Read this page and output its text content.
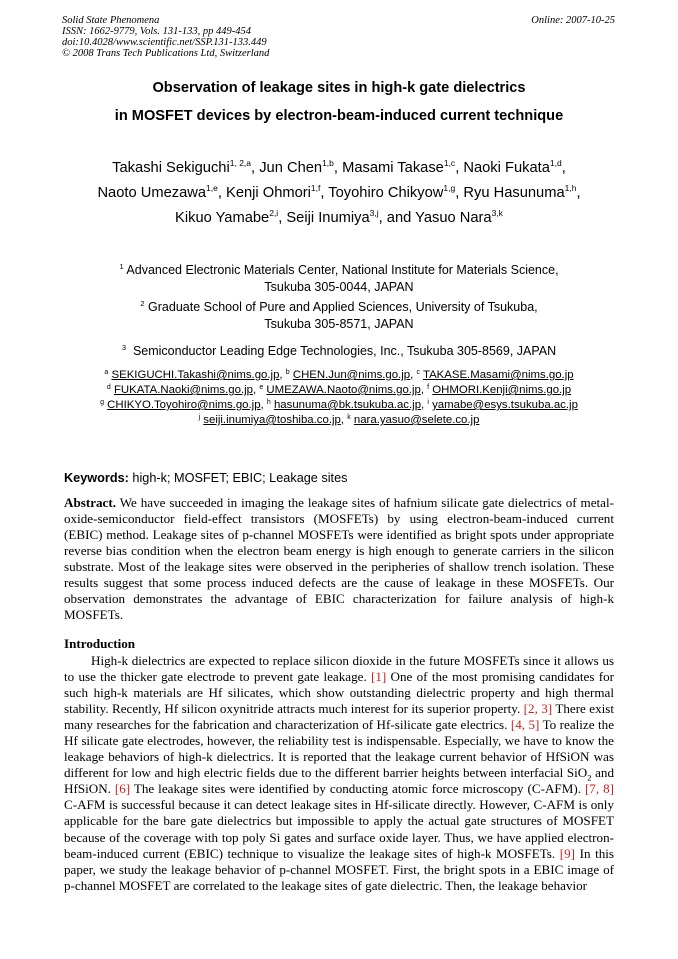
Solid State Phenomena
ISSN: 1662-9779, Vols. 131-133, pp 449-454
doi:10.4028/www.scientific.net/SSP.131-133.449
© 2008 Trans Tech Publications Ltd, Switzerland
Online: 2007-10-25
Observation of leakage sites in high-k gate dielectrics
in MOSFET devices by electron-beam-induced current technique
Takashi Sekiguchi$^{1, 2,a}$, Jun Chen$^{1,b}$, Masami Takase$^{1,c}$, Naoki Fukata$^{1,d}$,
Naoto Umezawa$^{1,e}$, Kenji Ohmori$^{1,f}$, Toyohiro Chikyow$^{1,g}$, Ryu Hasunuma$^{1,h}$,
Kikuo Yamabe$^{2,i}$, Seiji Inumiya$^{3,j}$, and Yasuo Nara$^{3,k}$
$^1$ Advanced Electronic Materials Center, National Institute for Materials Science,
Tsukuba 305-0044, JAPAN
$^2$ Graduate School of Pure and Applied Sciences, University of Tsukuba,
Tsukuba 305-8571, JAPAN
$^3$ Semiconductor Leading Edge Technologies, Inc., Tsukuba 305-8569, JAPAN
$^a$ SEKIGUCHI.Takashi@nims.go.jp, $^b$ CHEN.Jun@nims.go.jp, $^c$ TAKASE.Masami@nims.go.jp
$^d$ FUKATA.Naoki@nims.go.jp, $^e$ UMEZAWA.Naoto@nims.go.jp, $^f$ OHMORI.Kenji@nims.go.jp
$^g$ CHIKYO.Toyohiro@nims.go.jp, $^h$ hasunuma@bk.tsukuba.ac.jp, $^i$ yamabe@esys.tsukuba.ac.jp
$^j$ seiji.inumiya@toshiba.co.jp, $^k$ nara.yasuo@selete.co.jp
Keywords: high-k; MOSFET; EBIC; Leakage sites
Abstract. We have succeeded in imaging the leakage sites of hafnium silicate gate dielectrics of metal-oxide-semiconductor field-effect transistors (MOSFETs) by using electron-beam-induced current (EBIC) method. Leakage sites of p-channel MOSFETs were identified as bright spots under appropriate reverse bias condition when the electron beam energy is high enough to generate carriers in the silicon substrate. Most of the leakage sites were observed in the peripheries of shallow trench isolation. These results suggest that some process induced defects are the cause of leakage in these MOSFETs. Our observation demonstrates the advantage of EBIC characterization for failure analysis of high-k MOSFETs.
Introduction
High-k dielectrics are expected to replace silicon dioxide in the future MOSFETs since it allows us to use the thicker gate electrode to prevent gate leakage. [1] One of the most promising candidates for such high-k materials are Hf silicates, which show outstanding dielectric property and high thermal stability. Recently, Hf silicon oxynitride attracts much interest for its superior property. [2, 3] There exist many researches for the fabrication and characterization of Hf-silicate gate electrics. [4, 5] To realize the Hf silicate gate electrodes, however, the reliability test is indispensable. Especially, we have to know the leakage behaviors of high-k dielectrics. It is reported that the leakage current behavior of HfSiON was different for low and high electric fields due to the different barrier heights between interfacial SiO$_2$ and HfSiON. [6] The leakage sites were identified by conducting atomic force microscopy (C-AFM). [7, 8] C-AFM is successful because it can detect leakage sites in Hf-silicate directly. However, C-AFM is only applicable for the bare gate dielectrics but impossible to apply the actual gate structures of MOSFET because of the coverage with top poly Si gates and surface oxide layer. Thus, we have applied electron-beam-induced current (EBIC) technique to visualize the leakage sites of high-k MOSFETs. [9] In this paper, we study the leakage behavior of p-channel MOSFET. First, the bright spots in a EBIC image of p-channel MOSFET are correlated to the leakage sites of gate dielectric. Then, the leakage behavior
